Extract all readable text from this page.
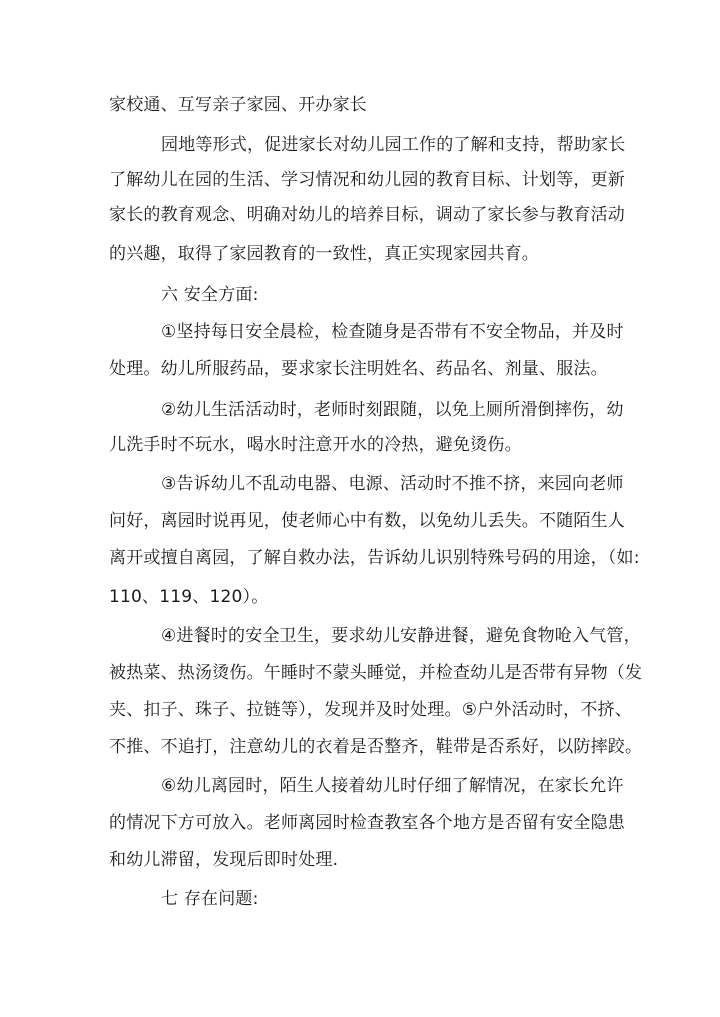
家校通、互写亲子家园、开办家长
园地等形式，促进家长对幼儿园工作的了解和支持，帮助家长
了解幼儿在园的生活、学习情况和幼儿园的教育目标、计划等，更新
家长的教育观念、明确对幼儿的培养目标，调动了家长参与教育活动
的兴趣，取得了家园教育的一致性，真正实现家园共育。
六 安全方面:
①坚持每日安全晨检，检查随身是否带有不安全物品，并及时
处理。幼儿所服药品，要求家长注明姓名、药品名、剂量、服法。
②幼儿生活活动时，老师时刻跟随，以免上厕所滑倒摔伤，幼
儿洗手时不玩水，喝水时注意开水的冷热，避免烫伤。
③告诉幼儿不乱动电器、电源、活动时不推不挤，来园向老师
问好，离园时说再见，使老师心中有数，以免幼儿丢失。不随陌生人
离开或擅自离园，了解自救办法，告诉幼儿识别特殊号码的用途，（如:
110、119、120）。
④进餐时的安全卫生，要求幼儿安静进餐，避免食物呛入气管，
被热菜、热汤烫伤。午睡时不蒙头睡觉，并检查幼儿是否带有异物（发
夹、扣子、珠子、拉链等），发现并及时处理。⑤户外活动时，不挤、
不推、不追打，注意幼儿的衣着是否整齐，鞋带是否系好，以防摔跤。
⑥幼儿离园时，陌生人接着幼儿时仔细了解情况，在家长允许
的情况下方可放入。老师离园时检查教室各个地方是否留有安全隐患
和幼儿滞留，发现后即时处理.
七 存在问题:
